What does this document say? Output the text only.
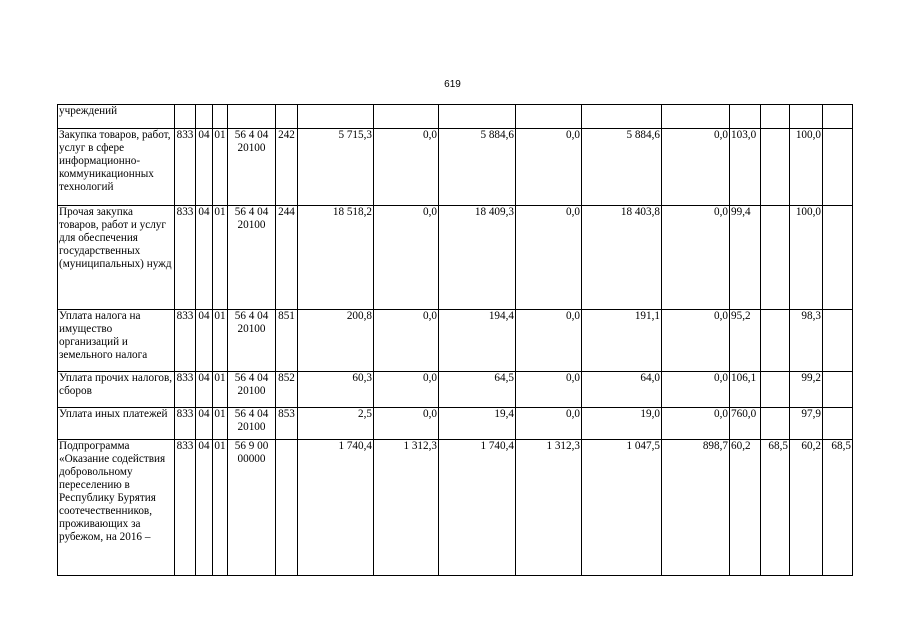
619
учреждений															
Закупка товаров, работ, услуг в сфере информационно-коммуникационных технологий	833	04	01	56 4 04 20100	242	5 715,3	0,0	5 884,6	0,0	5 884,6	0,0	103,0		100,0	
Прочая закупка товаров, работ и услуг для обеспечения государственных (муниципальных) нужд	833	04	01	56 4 04 20100	244	18 518,2	0,0	18 409,3	0,0	18 403,8	0,0	99,4		100,0	
Уплата налога на имущество организаций и земельного налога	833	04	01	56 4 04 20100	851	200,8	0,0	194,4	0,0	191,1	0,0	95,2		98,3	
Уплата прочих налогов, сборов	833	04	01	56 4 04 20100	852	60,3	0,0	64,5	0,0	64,0	0,0	106,1		99,2	
Уплата иных платежей	833	04	01	56 4 04 20100	853	2,5	0,0	19,4	0,0	19,0	0,0	760,0		97,9	
Подпрограмма «Оказание содействия добровольному переселению в Республику Бурятия соотечественников, проживающих за рубежом, на 2016 –	833	04	01	56 9 00 00000		1 740,4	1 312,3	1 740,4	1 312,3	1 047,5	898,7	60,2	68,5	60,2	68,5
